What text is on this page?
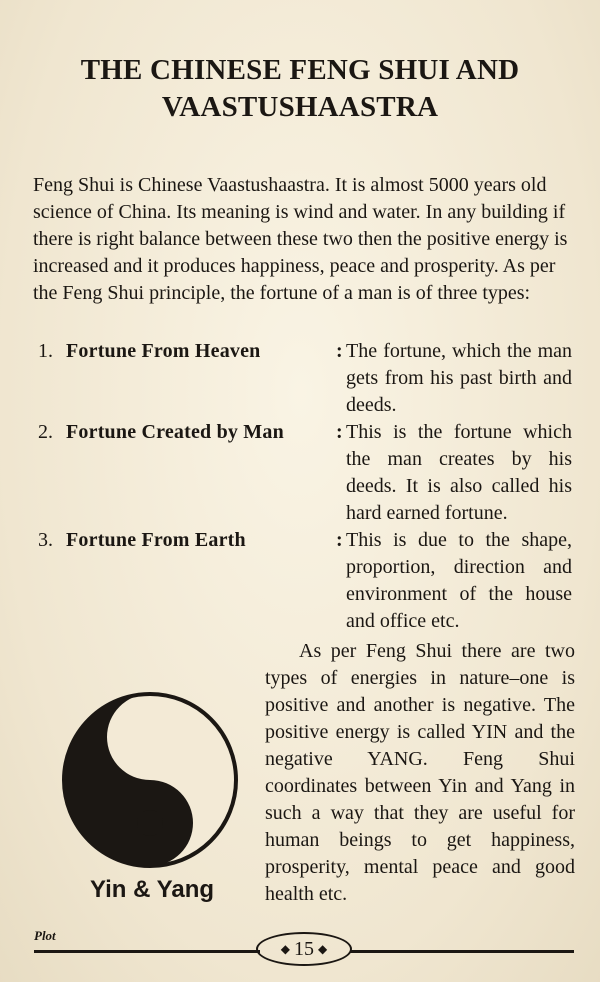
THE CHINESE FENG SHUI AND
VAASTUSHAASTRA

Feng Shui is Chinese Vaastushaastra. It is almost 5000 years old science of China. Its meaning is wind and water. In any building if there is right balance between these two then the positive energy is increased and it produces happiness, peace and prosperity. As per the Feng Shui principle, the fortune of a man is of three types:

1. Fortune From Heaven	: The fortune, which the man gets from his past birth and deeds.
2. Fortune Created by Man	: This is the fortune which the man creates by his deeds. It is also called his hard earned fortune.
3. Fortune From Earth	: This is due to the shape, proportion, direction and environment of the house and office etc.
Yin & Yang

As per Feng Shui there are two types of energies in nature–one is positive and another is negative. The positive energy is called YIN and the negative YANG. Feng Shui coordinates between Yin and Yang in such a way that they are useful for human beings to get happiness, prosperity, mental peace and good health etc.

Plot
◆ 15 ◆
